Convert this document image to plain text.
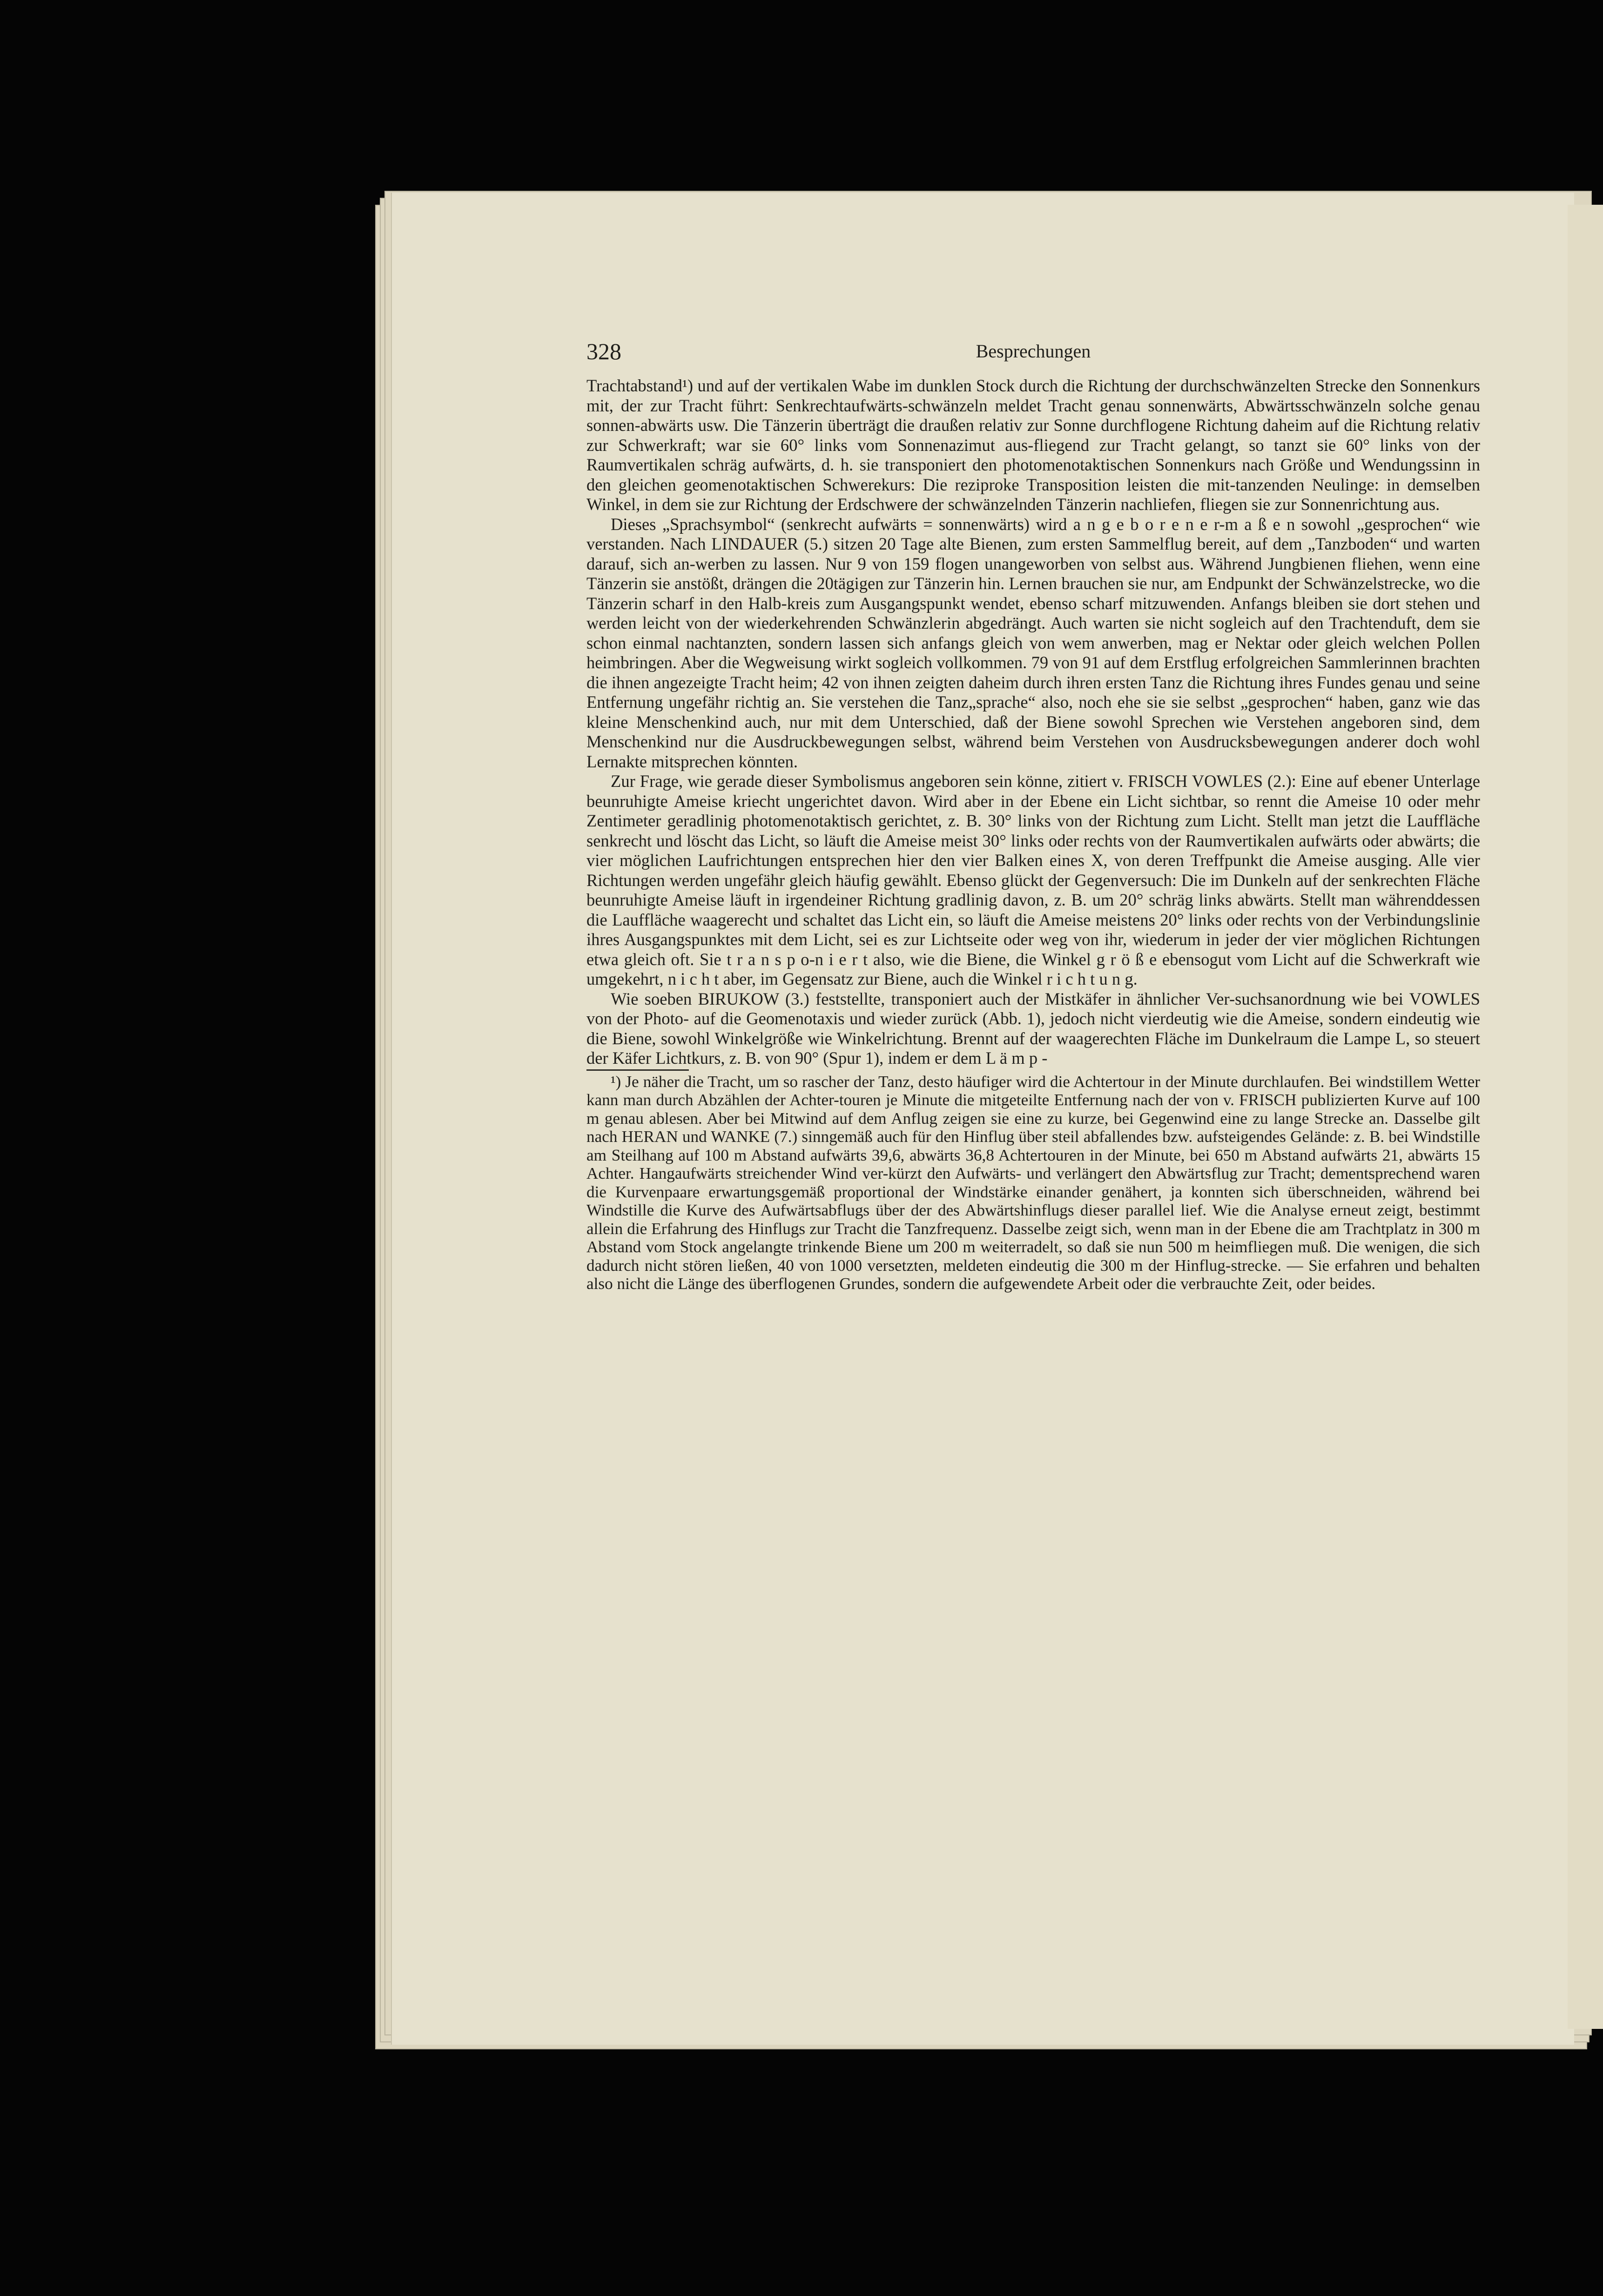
328	Besprechungen

Trachtabstand¹) und auf der vertikalen Wabe im dunklen Stock durch die Richtung der durchschwänzelten Strecke den Sonnenkurs mit, der zur Tracht führt: Senkrechtaufwärts-schwänzeln meldet Tracht genau sonnenwärts, Abwärtsschwänzeln solche genau sonnen-abwärts usw. Die Tänzerin überträgt die draußen relativ zur Sonne durchflogene Richtung daheim auf die Richtung relativ zur Schwerkraft; war sie 60° links vom Sonnenazimut aus-fliegend zur Tracht gelangt, so tanzt sie 60° links von der Raumvertikalen schräg aufwärts, d. h. sie transponiert den photomenotaktischen Sonnenkurs nach Größe und Wendungssinn in den gleichen geomenotaktischen Schwerekurs: Die reziproke Transposition leisten die mit-tanzenden Neulinge: in demselben Winkel, in dem sie zur Richtung der Erdschwere der schwänzelnden Tänzerin nachliefen, fliegen sie zur Sonnenrichtung aus.

Dieses „Sprachsymbol“ (senkrecht aufwärts = sonnenwärts) wird a n g e b o r e n e r-m a ß e n sowohl „gesprochen“ wie verstanden. Nach LINDAUER (5.) sitzen 20 Tage alte Bienen, zum ersten Sammelflug bereit, auf dem „Tanzboden“ und warten darauf, sich an-werben zu lassen. Nur 9 von 159 flogen unangeworben von selbst aus. Während Jungbienen fliehen, wenn eine Tänzerin sie anstößt, drängen die 20tägigen zur Tänzerin hin. Lernen brauchen sie nur, am Endpunkt der Schwänzelstrecke, wo die Tänzerin scharf in den Halb-kreis zum Ausgangspunkt wendet, ebenso scharf mitzuwenden. Anfangs bleiben sie dort stehen und werden leicht von der wiederkehrenden Schwänzlerin abgedrängt. Auch warten sie nicht sogleich auf den Trachtenduft, dem sie schon einmal nachtanzten, sondern lassen sich anfangs gleich von wem anwerben, mag er Nektar oder gleich welchen Pollen heimbringen. Aber die Wegweisung wirkt sogleich vollkommen. 79 von 91 auf dem Erstflug erfolgreichen Sammlerinnen brachten die ihnen angezeigte Tracht heim; 42 von ihnen zeigten daheim durch ihren ersten Tanz die Richtung ihres Fundes genau und seine Entfernung ungefähr richtig an. Sie verstehen die Tanz„sprache“ also, noch ehe sie sie selbst „gesprochen“ haben, ganz wie das kleine Menschenkind auch, nur mit dem Unterschied, daß der Biene sowohl Sprechen wie Verstehen angeboren sind, dem Menschenkind nur die Ausdruckbewegungen selbst, während beim Verstehen von Ausdrucksbewegungen anderer doch wohl Lernakte mitsprechen könnten.

Zur Frage, wie gerade dieser Symbolismus angeboren sein könne, zitiert v. FRISCH VOWLES (2.): Eine auf ebener Unterlage beunruhigte Ameise kriecht ungerichtet davon. Wird aber in der Ebene ein Licht sichtbar, so rennt die Ameise 10 oder mehr Zentimeter geradlinig photomenotaktisch gerichtet, z. B. 30° links von der Richtung zum Licht. Stellt man jetzt die Lauffläche senkrecht und löscht das Licht, so läuft die Ameise meist 30° links oder rechts von der Raumvertikalen aufwärts oder abwärts; die vier möglichen Laufrichtungen entsprechen hier den vier Balken eines X, von deren Treffpunkt die Ameise ausging. Alle vier Richtungen werden ungefähr gleich häufig gewählt. Ebenso glückt der Gegenversuch: Die im Dunkeln auf der senkrechten Fläche beunruhigte Ameise läuft in irgendeiner Richtung gradlinig davon, z. B. um 20° schräg links abwärts. Stellt man währenddessen die Lauffläche waagerecht und schaltet das Licht ein, so läuft die Ameise meistens 20° links oder rechts von der Verbindungslinie ihres Ausgangspunktes mit dem Licht, sei es zur Lichtseite oder weg von ihr, wiederum in jeder der vier möglichen Richtungen etwa gleich oft. Sie t r a n s p o-n i e r t also, wie die Biene, die Winkel g r ö ß e ebensogut vom Licht auf die Schwerkraft wie umgekehrt, n i c h t aber, im Gegensatz zur Biene, auch die Winkel r i c h t u n g.

Wie soeben BIRUKOW (3.) feststellte, transponiert auch der Mistkäfer in ähnlicher Ver-suchsanordnung wie bei VOWLES von der Photo- auf die Geomenotaxis und wieder zurück (Abb. 1), jedoch nicht vierdeutig wie die Ameise, sondern eindeutig wie die Biene, sowohl Winkelgröße wie Winkelrichtung. Brennt auf der waagerechten Fläche im Dunkelraum die Lampe L, so steuert der Käfer Lichtkurs, z. B. von 90° (Spur 1), indem er dem L ä m p -

¹) Je näher die Tracht, um so rascher der Tanz, desto häufiger wird die Achtertour in der Minute durchlaufen. Bei windstillem Wetter kann man durch Abzählen der Achter-touren je Minute die mitgeteilte Entfernung nach der von v. FRISCH publizierten Kurve auf 100 m genau ablesen. Aber bei Mitwind auf dem Anflug zeigen sie eine zu kurze, bei Gegenwind eine zu lange Strecke an. Dasselbe gilt nach HERAN und WANKE (7.) sinngemäß auch für den Hinflug über steil abfallendes bzw. aufsteigendes Gelände: z. B. bei Windstille am Steilhang auf 100 m Abstand aufwärts 39,6, abwärts 36,8 Achtertouren in der Minute, bei 650 m Abstand aufwärts 21, abwärts 15 Achter. Hangaufwärts streichender Wind ver-kürzt den Aufwärts- und verlängert den Abwärtsflug zur Tracht; dementsprechend waren die Kurvenpaare erwartungsgemäß proportional der Windstärke einander genähert, ja konnten sich überschneiden, während bei Windstille die Kurve des Aufwärtsabflugs über der des Abwärtshinflugs dieser parallel lief. Wie die Analyse erneut zeigt, bestimmt allein die Erfahrung des Hinflugs zur Tracht die Tanzfrequenz. Dasselbe zeigt sich, wenn man in der Ebene die am Trachtplatz in 300 m Abstand vom Stock angelangte trinkende Biene um 200 m weiterradelt, so daß sie nun 500 m heimfliegen muß. Die wenigen, die sich dadurch nicht stören ließen, 40 von 1000 versetzten, meldeten eindeutig die 300 m der Hinflug-strecke. — Sie erfahren und behalten also nicht die Länge des überflogenen Grundes, sondern die aufgewendete Arbeit oder die verbrauchte Zeit, oder beides.
